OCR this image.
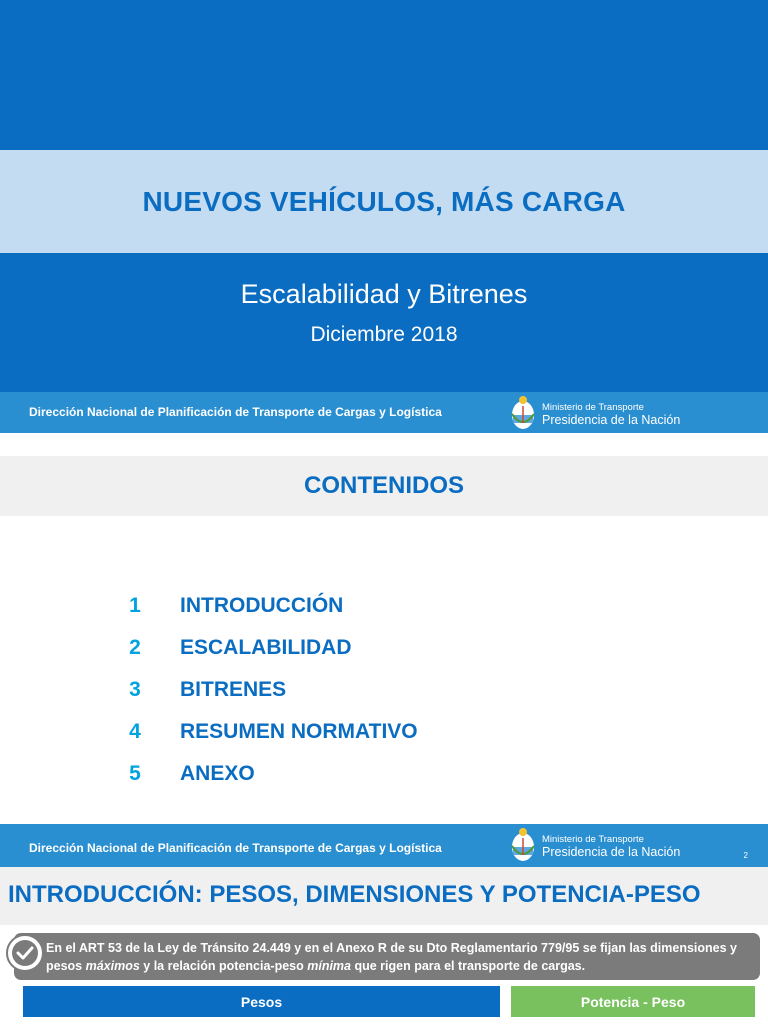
NUEVOS VEHÍCULOS, MÁS CARGA
Escalabilidad y Bitrenes
Diciembre 2018
Dirección Nacional de Planificación de Transporte de Cargas y Logística	Ministerio de Transporte
Presidencia de la Nación
CONTENIDOS
1	INTRODUCCIÓN
2	ESCALABILIDAD
3	BITRENES
4	RESUMEN NORMATIVO
5	ANEXO
Dirección Nacional de Planificación de Transporte de Cargas y Logística
Ministerio de Transporte
Presidencia de la Nación	2
INTRODUCCIÓN: PESOS, DIMENSIONES Y POTENCIA-PESO
En el ART 53 de la Ley de Tránsito 24.449 y en el Anexo R de su Dto Reglamentario 779/95 se fijan las dimensiones y pesos máximos y la relación potencia-peso mínima que rigen para el transporte de cargas.
Pesos	Potencia - Peso
